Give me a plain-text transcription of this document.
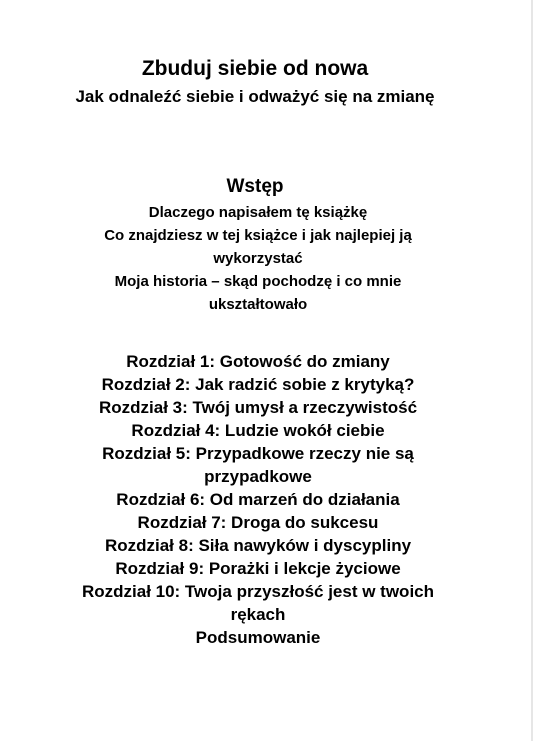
Zbuduj siebie od nowa
Jak odnaleźć siebie i odważyć się na zmianę
Wstęp
Dlaczego napisałem tę książkę
Co znajdziesz w tej książce i jak najlepiej ją wykorzystać
Moja historia – skąd pochodzę i co mnie ukształtowało
Rozdział 1: Gotowość do zmiany
Rozdział 2: Jak radzić sobie z krytyką?
Rozdział 3: Twój umysł a rzeczywistość
Rozdział 4: Ludzie wokół ciebie
Rozdział 5: Przypadkowe rzeczy nie są przypadkowe
Rozdział 6: Od marzeń do działania
Rozdział 7: Droga do sukcesu
Rozdział 8: Siła nawyków i dyscypliny
Rozdział 9: Porażki i lekcje życiowe
Rozdział 10: Twoja przyszłość jest w twoich rękach
Podsumowanie
